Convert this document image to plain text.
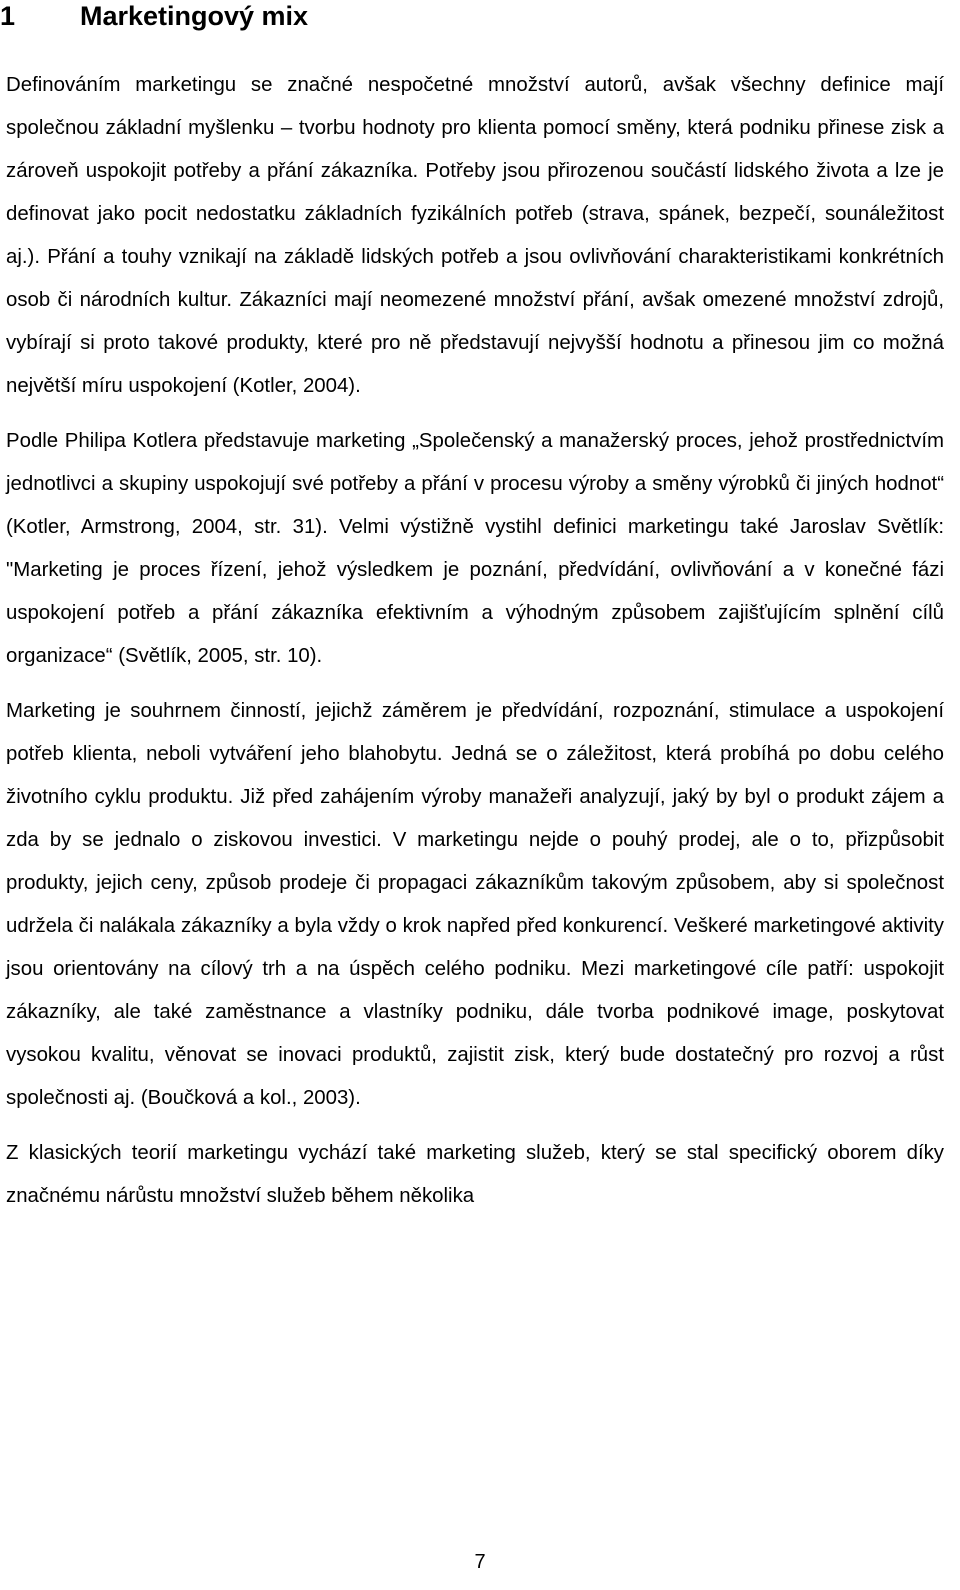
1 Marketingový mix

Definováním marketingu se značné nespočetné množství autorů, avšak všechny definice mají společnou základní myšlenku – tvorbu hodnoty pro klienta pomocí směny, která podniku přinese zisk a zároveň uspokojit potřeby a přání zákazníka. Potřeby jsou přirozenou součástí lidského života a lze je definovat jako pocit nedostatku základních fyzikálních potřeb (strava, spánek, bezpečí, sounáležitost aj.). Přání a touhy vznikají na základě lidských potřeb a jsou ovlivňování charakteristikami konkrétních osob či národních kultur. Zákazníci mají neomezené množství přání, avšak omezené množství zdrojů, vybírají si proto takové produkty, které pro ně představují nejvyšší hodnotu a přinesou jim co možná největší míru uspokojení (Kotler, 2004).

Podle Philipa Kotlera představuje marketing „Společenský a manažerský proces, jehož prostřednictvím jednotlivci a skupiny uspokojují své potřeby a přání v procesu výroby a směny výrobků či jiných hodnot“ (Kotler, Armstrong, 2004, str. 31). Velmi výstižně vystihl definici marketingu také Jaroslav Světlík: "Marketing je proces řízení, jehož výsledkem je poznání, předvídání, ovlivňování a v konečné fázi uspokojení potřeb a přání zákazníka efektivním a výhodným způsobem zajišťujícím splnění cílů organizace“ (Světlík, 2005, str. 10).

Marketing je souhrnem činností, jejichž záměrem je předvídání, rozpoznání, stimulace a uspokojení potřeb klienta, neboli vytváření jeho blahobytu. Jedná se o záležitost, která probíhá po dobu celého životního cyklu produktu. Již před zahájením výroby manažeři analyzují, jaký by byl o produkt zájem a zda by se jednalo o ziskovou investici. V marketingu nejde o pouhý prodej, ale o to, přizpůsobit produkty, jejich ceny, způsob prodeje či propagaci zákazníkům takovým způsobem, aby si společnost udržela či nalákala zákazníky a byla vždy o krok napřed před konkurencí. Veškeré marketingové aktivity jsou orientovány na cílový trh a na úspěch celého podniku. Mezi marketingové cíle patří: uspokojit zákazníky, ale také zaměstnance a vlastníky podniku, dále tvorba podnikové image, poskytovat vysokou kvalitu, věnovat se inovaci produktů, zajistit zisk, který bude dostatečný pro rozvoj a růst společnosti aj. (Boučková a kol., 2003).

Z klasických teorií marketingu vychází také marketing služeb, který se stal specifický oborem díky značnému nárůstu množství služeb během několika

7
